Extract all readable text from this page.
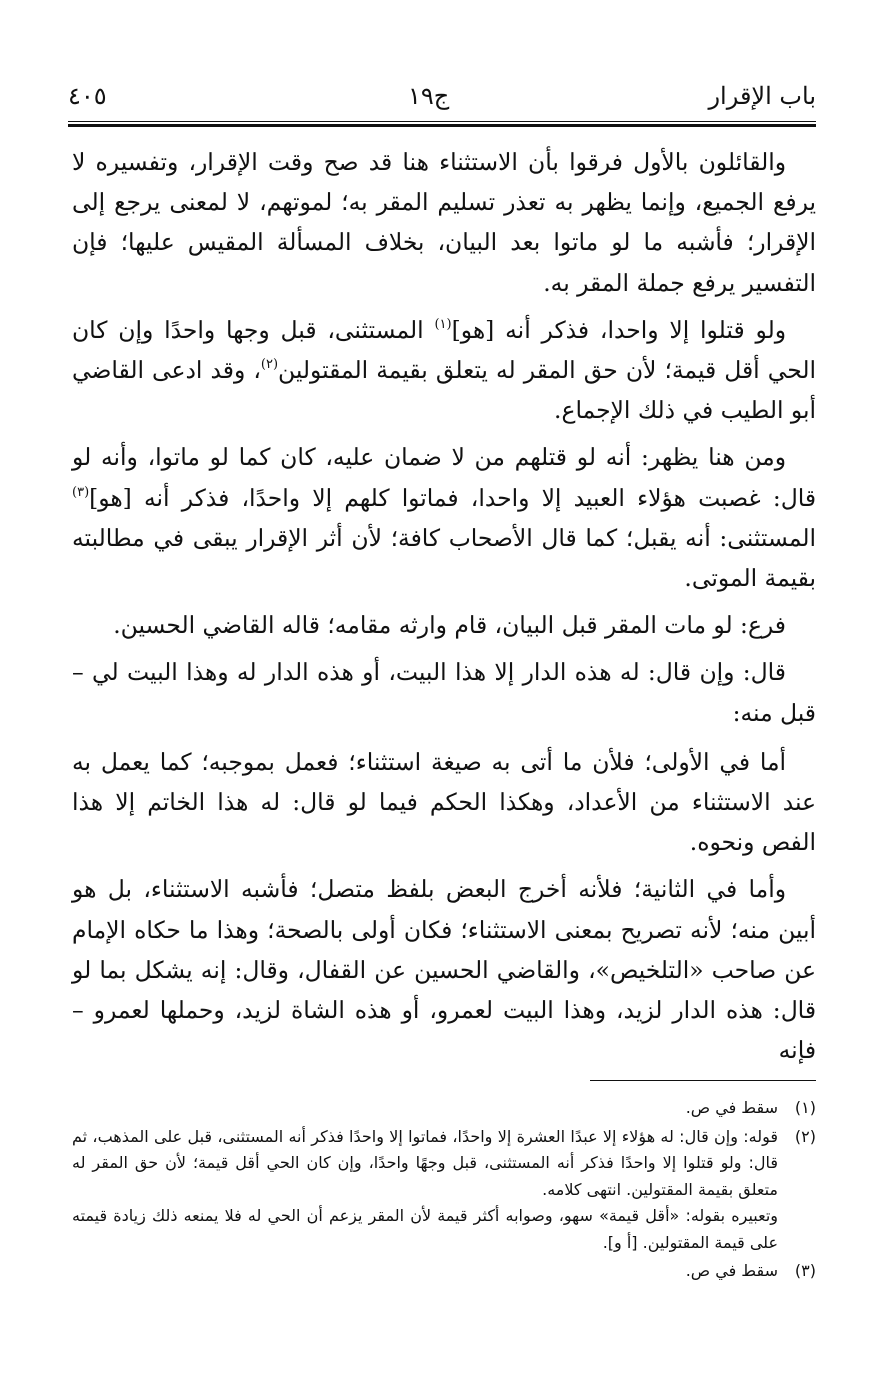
باب الإقرار
ج١٩
٤٠٥

والقائلون بالأول فرقوا بأن الاستثناء هنا قد صح وقت الإقرار، وتفسيره لا يرفع الجميع، وإنما يظهر به تعذر تسليم المقر به؛ لموتهم، لا لمعنى يرجع إلى الإقرار؛ فأشبه ما لو ماتوا بعد البيان، بخلاف المسألة المقيس عليها؛ فإن التفسير يرفع جملة المقر به.

ولو قتلوا إلا واحدا، فذكر أنه [هو]$^{(١)}$ المستثنى، قبل وجها واحدًا وإن كان الحي أقل قيمة؛ لأن حق المقر له يتعلق بقيمة المقتولين$^{(٢)}$، وقد ادعى القاضي أبو الطيب في ذلك الإجماع.

ومن هنا يظهر: أنه لو قتلهم من لا ضمان عليه، كان كما لو ماتوا، وأنه لو قال: غصبت هؤلاء العبيد إلا واحدا، فماتوا كلهم إلا واحدًا، فذكر أنه [هو]$^{(٣)}$ المستثنى: أنه يقبل؛ كما قال الأصحاب كافة؛ لأن أثر الإقرار يبقى في مطالبته بقيمة الموتى.

فرع: لو مات المقر قبل البيان، قام وارثه مقامه؛ قاله القاضي الحسين.

قال: وإن قال: له هذه الدار إلا هذا البيت، أو هذه الدار له وهذا البيت لي – قبل منه:

أما في الأولى؛ فلأن ما أتى به صيغة استثناء؛ فعمل بموجبه؛ كما يعمل به عند الاستثناء من الأعداد، وهكذا الحكم فيما لو قال: له هذا الخاتم إلا هذا الفص ونحوه.

وأما في الثانية؛ فلأنه أخرج البعض بلفظ متصل؛ فأشبه الاستثناء، بل هو أبين منه؛ لأنه تصريح بمعنى الاستثناء؛ فكان أولى بالصحة؛ وهذا ما حكاه الإمام عن صاحب «التلخيص»، والقاضي الحسين عن القفال، وقال: إنه يشكل بما لو قال: هذه الدار لزيد، وهذا البيت لعمرو، أو هذه الشاة لزيد، وحملها لعمرو – فإنه

(١)
سقط في ص.
(٢)
قوله: وإن قال: له هؤلاء إلا عبدًا العشرة إلا واحدًا، فماتوا إلا واحدًا فذكر أنه المستثنى، قبل على المذهب، ثم قال: ولو قتلوا إلا واحدًا فذكر أنه المستثنى، قبل وجهًا واحدًا، وإن كان الحي أقل قيمة؛ لأن حق المقر له متعلق بقيمة المقتولين. انتهى كلامه.
وتعبيره بقوله: «أقل قيمة» سهو، وصوابه أكثر قيمة لأن المقر يزعم أن الحي له فلا يمنعه ذلك زيادة قيمته على قيمة المقتولين. [أ و].
(٣)
سقط في ص.
